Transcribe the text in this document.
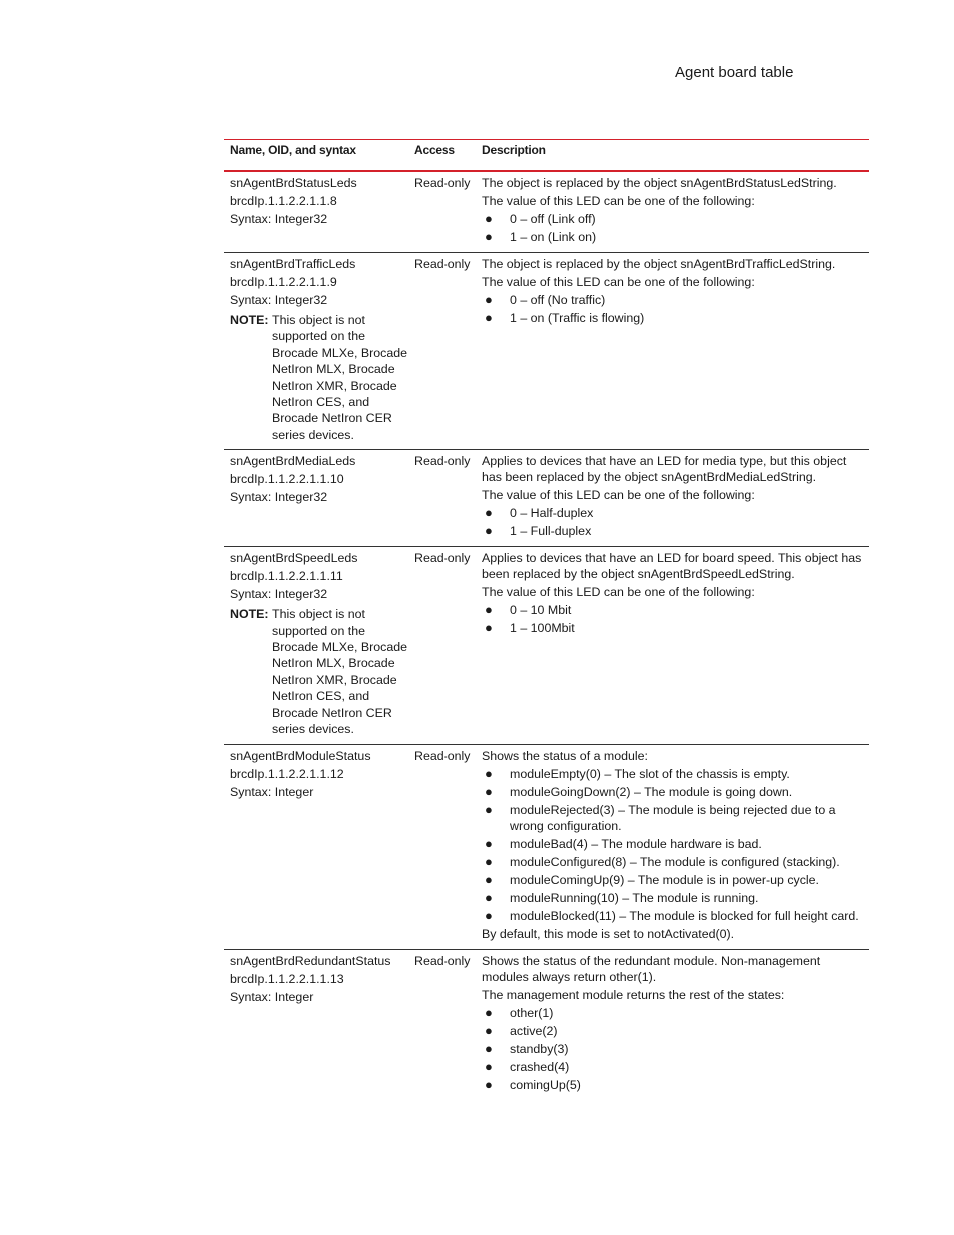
Agent board table
Name, OID, and syntax	Access	Description
snAgentBrdStatusLeds
brcdIp.1.1.2.2.1.1.8
Syntax: Integer32
Read-only The object is replaced by the object snAgentBrdStatusLedString.
The value of this LED can be one of the following:
● 0 – off (Link off)
● 1 – on (Link on)
snAgentBrdTrafficLeds
brcdIp.1.1.2.2.1.1.9
Syntax: Integer32
NOTE: This object is not supported on the Brocade MLXe, Brocade NetIron MLX, Brocade NetIron XMR, Brocade NetIron CES, and Brocade NetIron CER series devices.
Read-only The object is replaced by the object snAgentBrdTrafficLedString.
The value of this LED can be one of the following:
● 0 – off (No traffic)
● 1 – on (Traffic is flowing)
snAgentBrdMediaLeds
brcdIp.1.1.2.2.1.1.10
Syntax: Integer32
Read-only Applies to devices that have an LED for media type, but this object has been replaced by the object snAgentBrdMediaLedString.
The value of this LED can be one of the following:
● 0 – Half-duplex
● 1 – Full-duplex
snAgentBrdSpeedLeds
brcdIp.1.1.2.2.1.1.11
Syntax: Integer32
NOTE: This object is not supported on the Brocade MLXe, Brocade NetIron MLX, Brocade NetIron XMR, Brocade NetIron CES, and Brocade NetIron CER series devices.
Read-only Applies to devices that have an LED for board speed. This object has been replaced by the object snAgentBrdSpeedLedString.
The value of this LED can be one of the following:
● 0 – 10 Mbit
● 1 – 100Mbit
snAgentBrdModuleStatus
brcdIp.1.1.2.2.1.1.12
Syntax: Integer
Read-only Shows the status of a module:
● moduleEmpty(0) – The slot of the chassis is empty.
● moduleGoingDown(2) – The module is going down.
● moduleRejected(3) – The module is being rejected due to a wrong configuration.
● moduleBad(4) – The module hardware is bad.
● moduleConfigured(8) – The module is configured (stacking).
● moduleComingUp(9) – The module is in power-up cycle.
● moduleRunning(10) – The module is running.
● moduleBlocked(11) – The module is blocked for full height card.
By default, this mode is set to notActivated(0).
snAgentBrdRedundantStatus
brcdIp.1.1.2.2.1.1.13
Syntax: Integer
Read-only Shows the status of the redundant module. Non-management modules always return other(1).
The management module returns the rest of the states:
● other(1)
● active(2)
● standby(3)
● crashed(4)
● comingUp(5)
